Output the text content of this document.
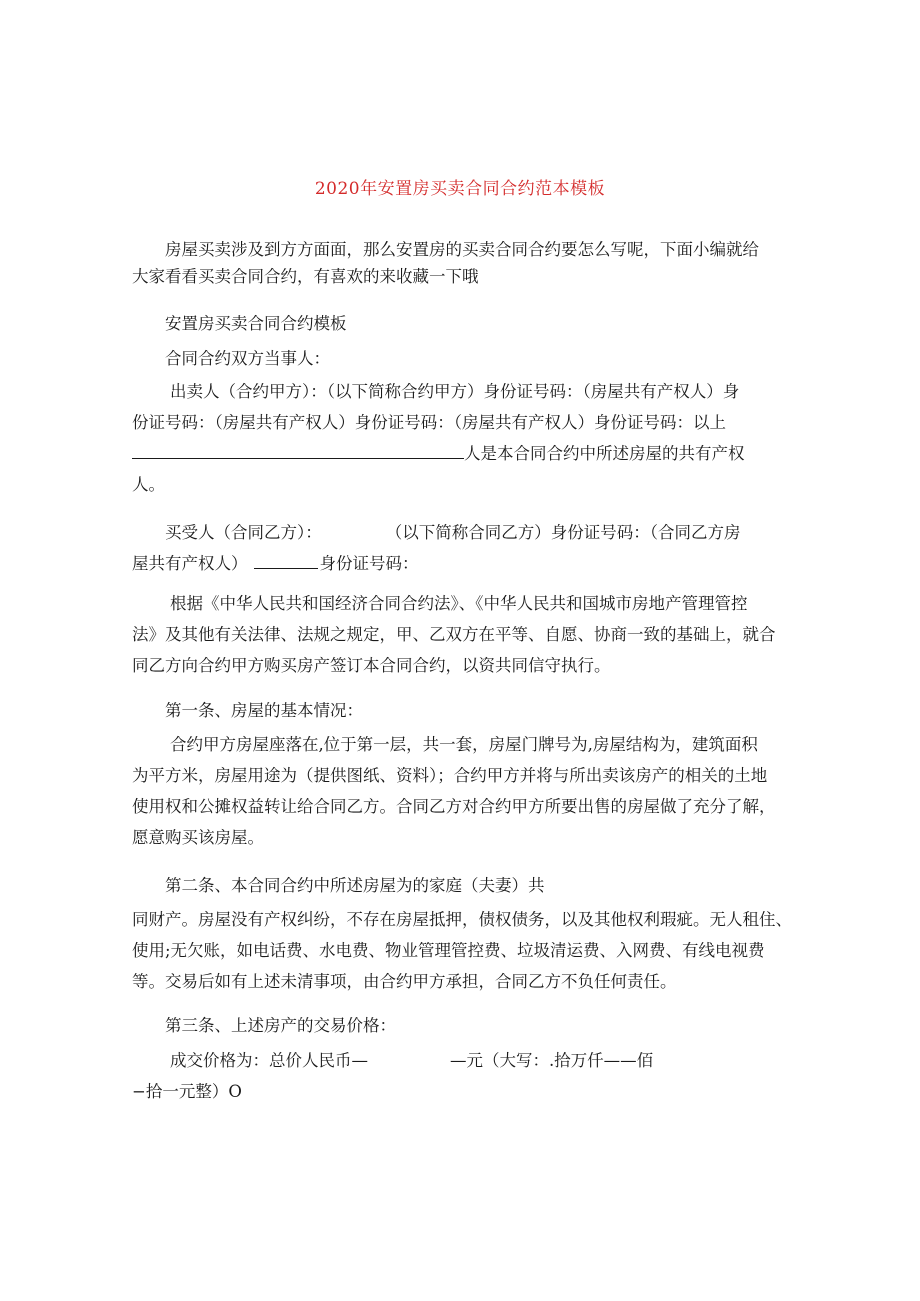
2020年安置房买卖合同合约范本模板

房屋买卖涉及到方方面面，那么安置房的买卖合同合约要怎么写呢，下面小编就给
大家看看买卖合同合约，有喜欢的来收藏一下哦

安置房买卖合同合约模板

合同合约双方当事人：

出卖人（合约甲方）：（以下简称合约甲方）身份证号码：（房屋共有产权人）身
份证号码：（房屋共有产权人）身份证号码：（房屋共有产权人）身份证号码：以上
人是本合同合约中所述房屋的共有产权
人。

买受人（合同乙方）：	（以下简称合同乙方）身份证号码：（合同乙方房
屋共有产权人）	身份证号码：

根据《中华人民共和国经济合同合约法》、《中华人民共和国城市房地产管理管控
法》及其他有关法律、法规之规定，甲、乙双方在平等、自愿、协商一致的基础上，就合
同乙方向合约甲方购买房产签订本合同合约，以资共同信守执行。

第一条、房屋的基本情况：

合约甲方房屋座落在,位于第一层，共一套，房屋门牌号为,房屋结构为，建筑面积
为平方米，房屋用途为（提供图纸、资料）；合约甲方并将与所出卖该房产的相关的土地
使用权和公摊权益转让给合同乙方。合同乙方对合约甲方所要出售的房屋做了充分了解，
愿意购买该房屋。

第二条、本合同合约中所述房屋为的家庭（夫妻）共

同财产。房屋没有产权纠纷，不存在房屋抵押，债权债务，以及其他权利瑕疵。无人租住、
使用;无欠账，如电话费、水电费、物业管理管控费、垃圾清运费、入网费、有线电视费
等。交易后如有上述未清事项，由合约甲方承担，合同乙方不负任何责任。

第三条、上述房产的交易价格：

成交价格为：总价人民币—	—元（大写：.拾万仟——佰
−拾一元整）O
